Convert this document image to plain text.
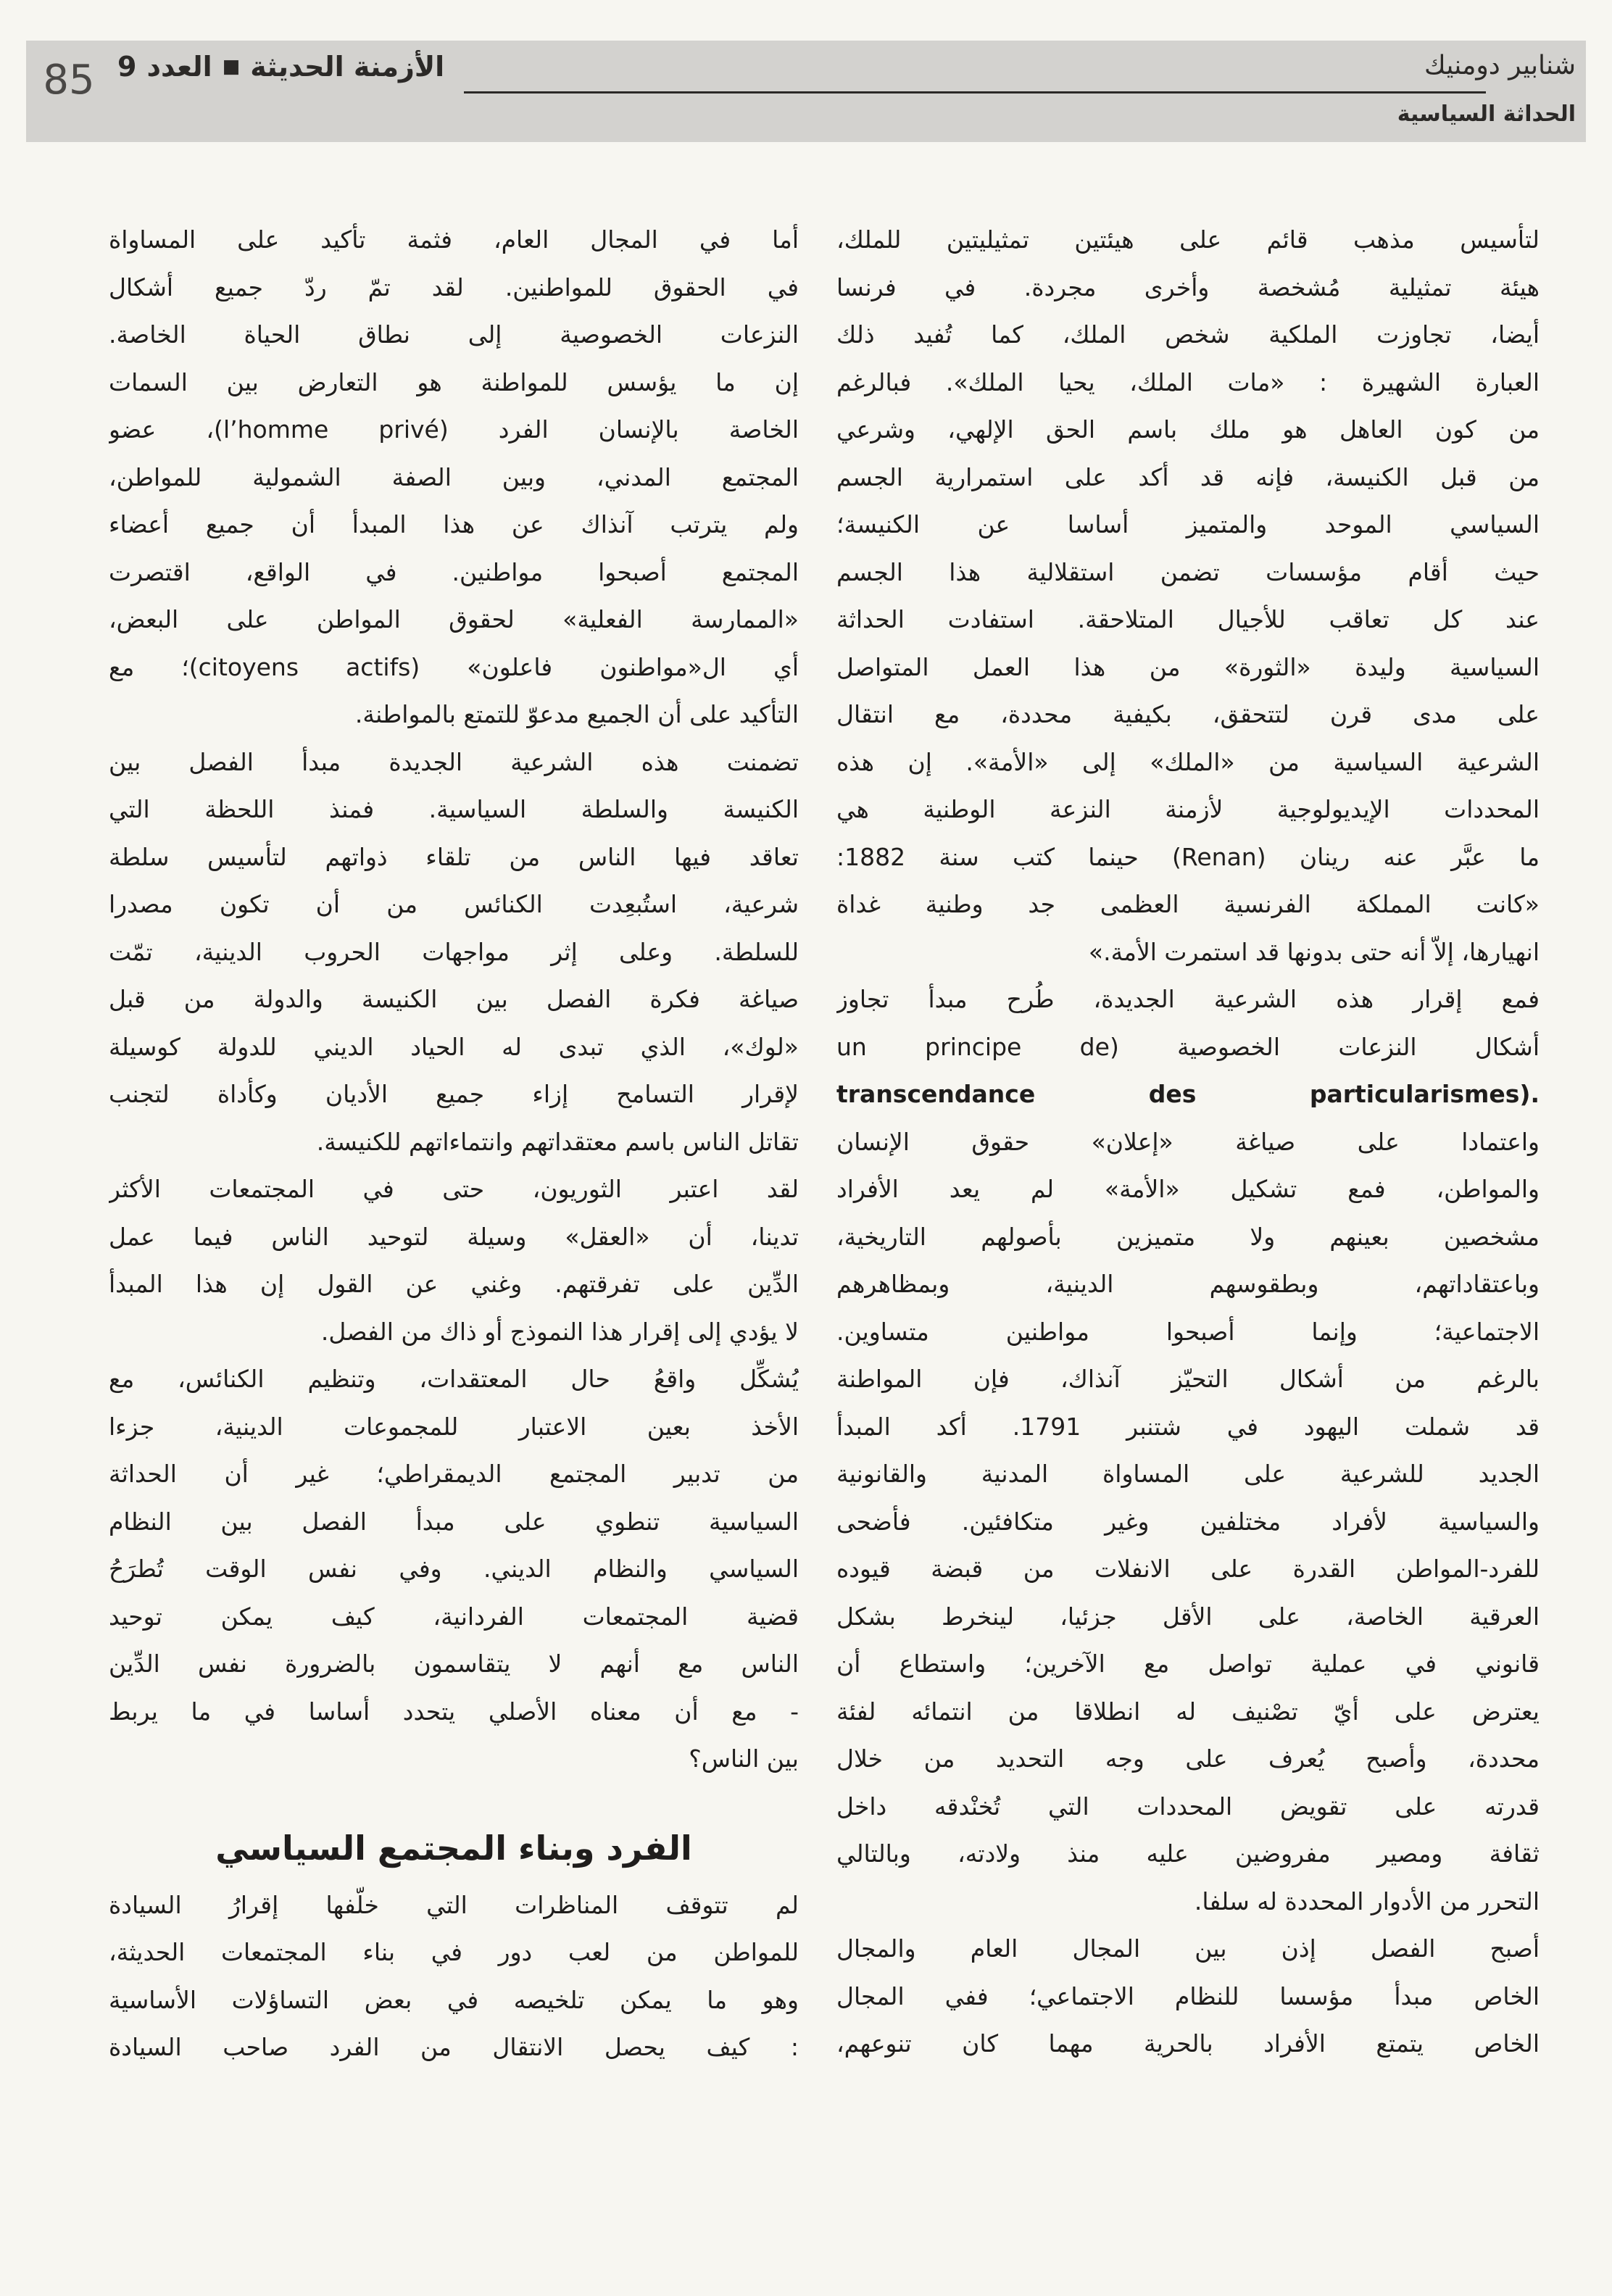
85	الأزمنة الحديثة
■
العدد
9	شنابير دومنيك
الحداثة السياسية
لتأسيس مذهب قائم على هيئتين تمثيليتين للملك،
هيئة تمثيلية مُشخصة وأخرى مجردة. في فرنسا
أيضا، تجاوزت الملكية شخص الملك، كما تُفيد ذلك
العبارة الشهيرة : «مات الملك، يحيا الملك». فبالرغم
من كون العاهل هو ملك باسم الحق الإلهي، وشرعي
من قبل الكنيسة، فإنه قد أكد على استمرارية الجسم
السياسي الموحد والمتميز أساسا عن الكنيسة؛
حيث أقام مؤسسات تضمن استقلالية هذا الجسم
عند كل تعاقب للأجيال المتلاحقة. استفادت الحداثة
السياسية وليدة «الثورة» من هذا العمل المتواصل
على مدى قرن لتتحقق، بكيفية محددة، مع انتقال
الشرعية السياسية من «الملك» إلى «الأمة». إن هذه
المحددات الإيديولوجية لأزمنة النزعة الوطنية هي
ما عبَّر عنه رينان (Renan) حينما كتب سنة 1882:
«كانت المملكة الفرنسية العظمى جد وطنية غداة
انهيارها، إلاّ أنه حتى بدونها قد استمرت الأمة.»
فمع إقرار هذه الشرعية الجديدة، طُرح مبدأ تجاوز
أشكال النزعات الخصوصية (un principe de
transcendance des particularismes).
واعتمادا على صياغة «إعلان» حقوق الإنسان
والمواطن، فمع تشكيل «الأمة» لم يعد الأفراد
مشخصين بعينهم ولا متميزين بأصولهم التاريخية،
وباعتقاداتهم، وبطقوسهم الدينية، وبمظاهرهم
الاجتماعية؛ وإنما أصبحوا مواطنين متساوين.
بالرغم من أشكال التحيّز آنذاك، فإن المواطنة
قد شملت اليهود في شتنبر 1791. أكد المبدأ
الجديد للشرعية على المساواة المدنية والقانونية
والسياسية لأفراد مختلفين وغير متكافئين. فأضحى
للفرد-المواطن القدرة على الانفلات من قبضة قيوده
العرقية الخاصة، على الأقل جزئيا، لينخرط بشكل
قانوني في عملية تواصل مع الآخرين؛ واستطاع أن
يعترض على أيّ تصْنيف له انطلاقا من انتمائه لفئة
محددة، وأصبح يُعرف على وجه التحديد من خلال
قدرته على تقويض المحددات التي تُخنْدقه داخل
ثقافة ومصير مفروضين عليه منذ ولادته، وبالتالي
التحرر من الأدوار المحددة له سلفا.
أصبح الفصل إذن بين المجال العام والمجال
الخاص مبدأ مؤسسا للنظام الاجتماعي؛ ففي المجال
الخاص يتمتع الأفراد بالحرية مهما كان تنوعهم،
أما في المجال العام، فثمة تأكيد على المساواة
في الحقوق للمواطنين. لقد تمّ ردّ جميع أشكال
النزعات الخصوصية إلى نطاق الحياة الخاصة.
إن ما يؤسس للمواطنة هو التعارض بين السمات
الخاصة بالإنسان الفرد (l’homme privé)، عضو
المجتمع المدني، وبين الصفة الشمولية للمواطن،
ولم يترتب آنذاك عن هذا المبدأ أن جميع أعضاء
المجتمع أصبحوا مواطنين. في الواقع، اقتصرت
«الممارسة الفعلية» لحقوق المواطن على البعض،
أي ال«مواطنون فاعلون» (citoyens actifs)؛ مع
التأكيد على أن الجميع مدعوّ للتمتع بالمواطنة.
تضمنت هذه الشرعية الجديدة مبدأ الفصل بين
الكنيسة والسلطة السياسية. فمنذ اللحظة التي
تعاقد فيها الناس من تلقاء ذواتهم لتأسيس سلطة
شرعية، استُبعِدت الكنائس من أن تكون مصدرا
للسلطة. وعلى إثر مواجهات الحروب الدينية، تمّت
صياغة فكرة الفصل بين الكنيسة والدولة من قبل
«لوك»، الذي تبدى له الحياد الديني للدولة كوسيلة
لإقرار التسامح إزاء جميع الأديان وكأداة لتجنب
تقاتل الناس باسم معتقداتهم وانتماءاتهم للكنيسة.
لقد اعتبر الثوريون، حتى في المجتمعات الأكثر
تدينا، أن «العقل» وسيلة لتوحيد الناس فيما عمل
الدِّين على تفرقتهم. وغني عن القول إن هذا المبدأ
لا يؤدي إلى إقرار هذا النموذج أو ذاك من الفصل.
يُشكِّل واقعُ حال المعتقدات، وتنظيم الكنائس، مع
الأخذ بعين الاعتبار للمجموعات الدينية، جزءا
من تدبير المجتمع الديمقراطي؛ غير أن الحداثة
السياسية تنطوي على مبدأ الفصل بين النظام
السياسي والنظام الديني. وفي نفس الوقت تُطرَحُ
قضية المجتمعات الفردانية، كيف يمكن توحيد
الناس مع أنهم لا يتقاسمون بالضرورة نفس الدِّين
- مع أن معناه الأصلي يتحدد أساسا في ما يربط
بين الناس؟
الفرد وبناء المجتمع السياسي
لم تتوقف المناظرات التي خلّفها إقرارُ السيادة
للمواطن من لعب دور في بناء المجتمعات الحديثة،
وهو ما يمكن تلخيصه في بعض التساؤلات الأساسية
: كيف يحصل الانتقال من الفرد صاحب السيادة
